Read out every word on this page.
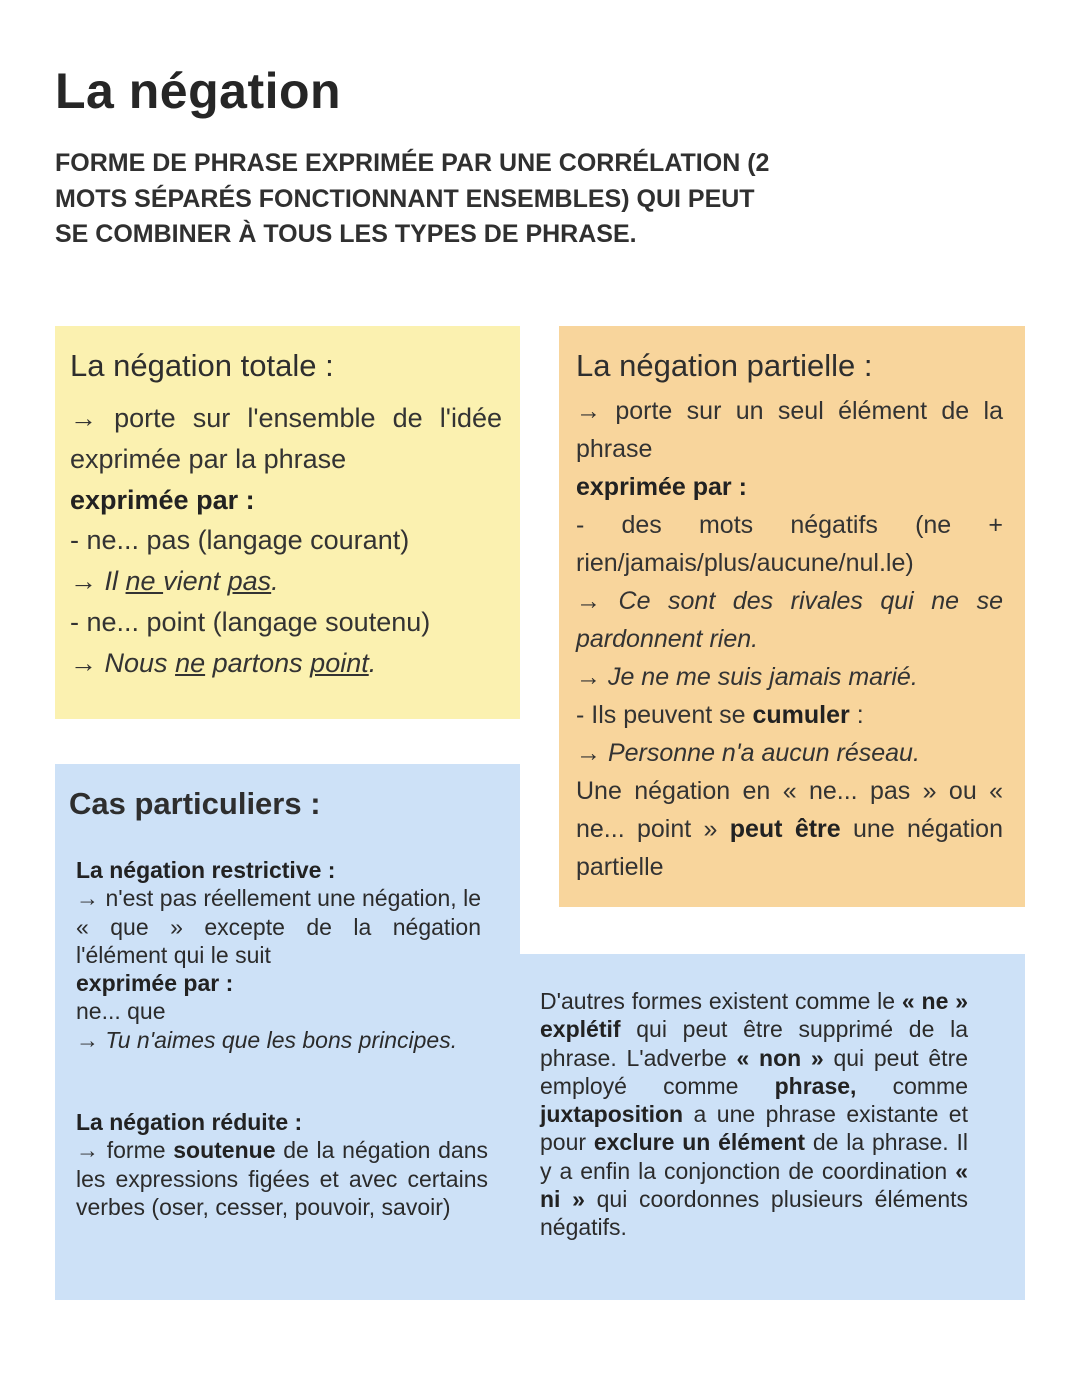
La négation

FORME DE PHRASE EXPRIMÉE PAR UNE CORRÉLATION (2 MOTS SÉPARÉS FONCTIONNANT ENSEMBLES) QUI PEUT SE COMBINER À TOUS LES TYPES DE PHRASE.

La négation totale :
→ porte sur l'ensemble de l'idée exprimée par la phrase
exprimée par :
- ne... pas (langage courant)
→ Il ne vient pas.
- ne... point (langage soutenu)
→ Nous ne partons point.
La négation partielle :
→ porte sur un seul élément de la phrase
exprimée par :
- des mots négatifs (ne + rien/jamais/plus/aucune/nul.le)
→ Ce sont des rivales qui ne se pardonnent rien.
→ Je ne me suis jamais marié.
- Ils peuvent se cumuler :
→ Personne n'a aucun réseau.
Une négation en « ne... pas » ou « ne... point » peut être une négation partielle
Cas particuliers :
La négation restrictive :
→ n'est pas réellement une négation, le « que » excepte de la négation l'élément qui le suit
exprimée par :
ne... que
→ Tu n'aimes que les bons principes.
La négation réduite :
→ forme soutenue de la négation dans les expressions figées et avec certains verbes (oser, cesser, pouvoir, savoir)
D'autres formes existent comme le « ne » explétif qui peut être supprimé de la phrase. L'adverbe « non » qui peut être employé comme phrase, comme juxtaposition a une phrase existante et pour exclure un élément de la phrase. Il y a enfin la conjonction de coordination « ni » qui coordonnes plusieurs éléments négatifs.
